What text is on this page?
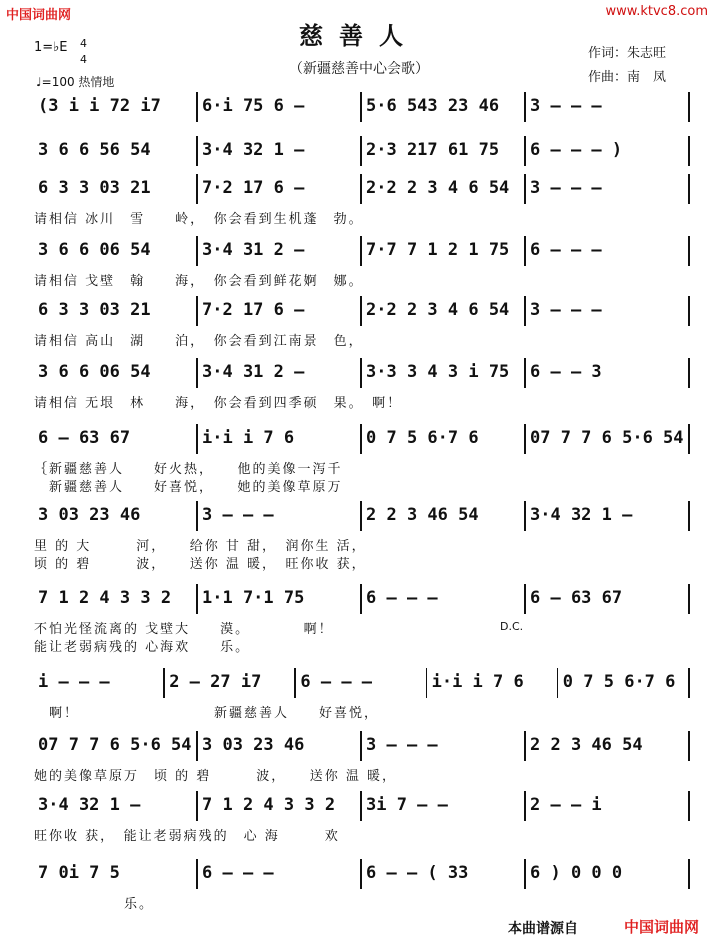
中国词曲网	www.ktvc8.com
慈善人
（新疆慈善中心会歌）
作词：朱志旺
作曲：南　凤
1=♭E 4
4
♩=100 热情地
(3 i i 72 i7 6·i 75 6 –	5·6 543 23 46 3 – – –
3 6 6 56 54	3·4 32 1 –	2·3 217 61 75 6 – – – )
6 3 3 03 21	7·2 17 6 –	2·2 2 3 4 6 54 3 – – –
请相信 冰川　雪　　岭，　你会看到生机蓬　勃。
3 6 6 06 54	3·4 31 2 –	7·7 7 1 2 1 75 6 – – –
请相信 戈壁　翰　　海，　你会看到鲜花婀　娜。
6 3 3 03 21	7·2 17 6 –	2·2 2 3 4 6 54 3 – – –
请相信 高山　湖　　泊，　你会看到江南景　色，
3 6 6 06 54	3·4 31 2 –	3·3 3 4 3 i 75 6 – – 3
请相信 无垠　林　　海，　你会看到四季硕　果。　啊！
6 – 63 67	i·i i 7 6	0 7 5 6·7 6	07 7 7 6 5·6 54
｛新疆慈善人　　好火热，　　他的美像一泻千
　新疆慈善人　　好喜悦，　　她的美像草原万
3 03 23 46	3 – – –	2 2 3 46 54	3·4 32 1 –
里 的 大　　　河，　　给你 甘 甜，　润你生 活，
顷 的 碧　　　波，　　送你 温 暖，　旺你收 获，
7 1 2 4 3 3 2 1·1 7·1 75	6 – – –	6 – 63 67
不怕光怪流离的 戈壁大　　漠。　　　　啊！
能让老弱病残的 心海欢　　乐。
i – – –	2 – 27 i7 6 – – –	i·i i 7 6 0 7 5 6·7 6
　啊！　　　　　　　　　新疆慈善人　　好喜悦，
07 7 7 6 5·6 54 3 03 23 46	3 – – –	2 2 3 46 54
她的美像草原万　顷 的 碧　　　波，　　送你 温 暖，
3·4 32 1 –	7 1 2 4 3 3 2 3i 7 – –	2 – – i
旺你收 获，　能让老弱病残的　心 海　　　欢
7 0i 7 5	6 – – –	6 – – ( 33	6 ) 0 0 0
　　　　　　乐。
D.C.
本曲谱源自	中国词曲网
